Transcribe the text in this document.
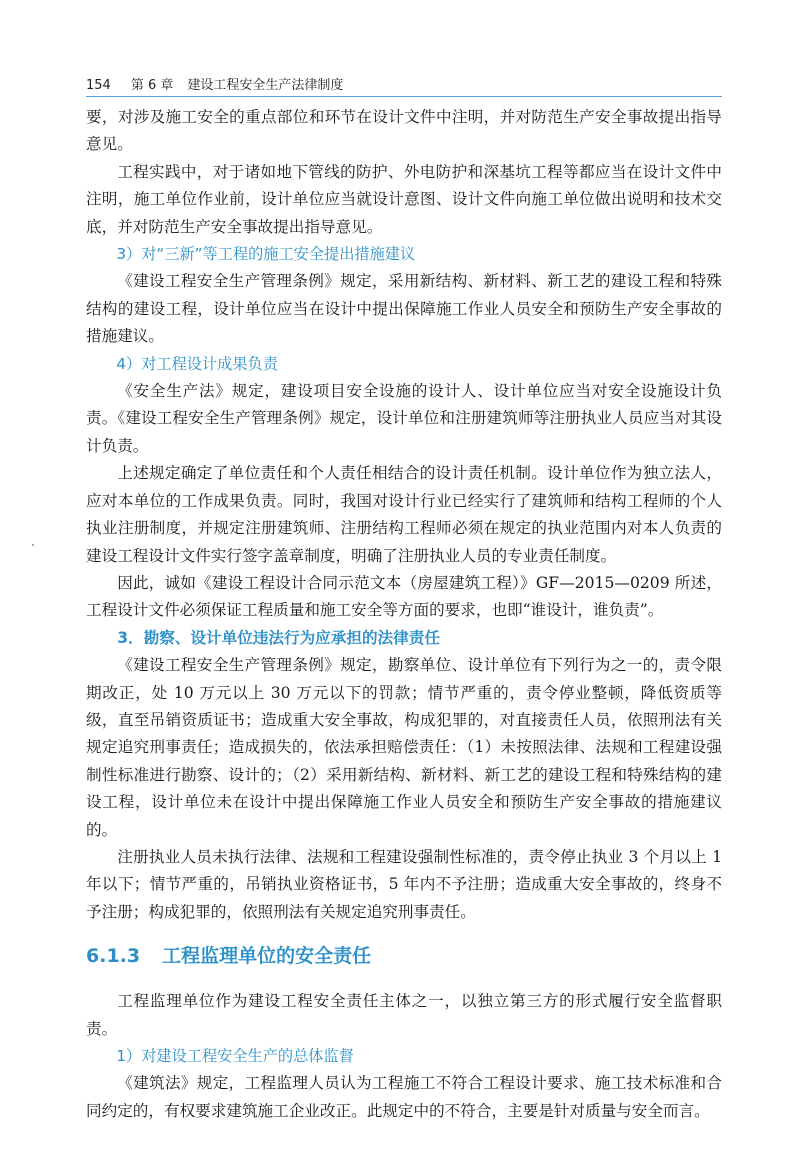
154 第 6 章 建设工程安全生产法律制度

要，对涉及施工安全的重点部位和环节在设计文件中注明，并对防范生产安全事故提出指导意见。

工程实践中，对于诸如地下管线的防护、外电防护和深基坑工程等都应当在设计文件中注明，施工单位作业前，设计单位应当就设计意图、设计文件向施工单位做出说明和技术交底，并对防范生产安全事故提出指导意见。

3）对“三新”等工程的施工安全提出措施建议

《建设工程安全生产管理条例》规定，采用新结构、新材料、新工艺的建设工程和特殊结构的建设工程，设计单位应当在设计中提出保障施工作业人员安全和预防生产安全事故的措施建议。

4）对工程设计成果负责

《安全生产法》规定，建设项目安全设施的设计人、设计单位应当对安全设施设计负责。《建设工程安全生产管理条例》规定，设计单位和注册建筑师等注册执业人员应当对其设计负责。

上述规定确定了单位责任和个人责任相结合的设计责任机制。设计单位作为独立法人，应对本单位的工作成果负责。同时，我国对设计行业已经实行了建筑师和结构工程师的个人执业注册制度，并规定注册建筑师、注册结构工程师必须在规定的执业范围内对本人负责的建设工程设计文件实行签字盖章制度，明确了注册执业人员的专业责任制度。

因此，诚如《建设工程设计合同示范文本（房屋建筑工程）》GF—2015—0209 所述，工程设计文件必须保证工程质量和施工安全等方面的要求，也即“谁设计，谁负责”。

3．勘察、设计单位违法行为应承担的法律责任

《建设工程安全生产管理条例》规定，勘察单位、设计单位有下列行为之一的，责令限期改正，处 10 万元以上 30 万元以下的罚款；情节严重的，责令停业整顿，降低资质等级，直至吊销资质证书；造成重大安全事故，构成犯罪的，对直接责任人员，依照刑法有关规定追究刑事责任；造成损失的，依法承担赔偿责任：（1）未按照法律、法规和工程建设强制性标准进行勘察、设计的；（2）采用新结构、新材料、新工艺的建设工程和特殊结构的建设工程，设计单位未在设计中提出保障施工作业人员安全和预防生产安全事故的措施建议的。

注册执业人员未执行法律、法规和工程建设强制性标准的，责令停止执业 3 个月以上 1 年以下；情节严重的，吊销执业资格证书，5 年内不予注册；造成重大安全事故的，终身不予注册；构成犯罪的，依照刑法有关规定追究刑事责任。

6.1.3 工程监理单位的安全责任

工程监理单位作为建设工程安全责任主体之一，以独立第三方的形式履行安全监督职责。

1）对建设工程安全生产的总体监督

《建筑法》规定，工程监理人员认为工程施工不符合工程设计要求、施工技术标准和合同约定的，有权要求建筑施工企业改正。此规定中的不符合，主要是针对质量与安全而言。
